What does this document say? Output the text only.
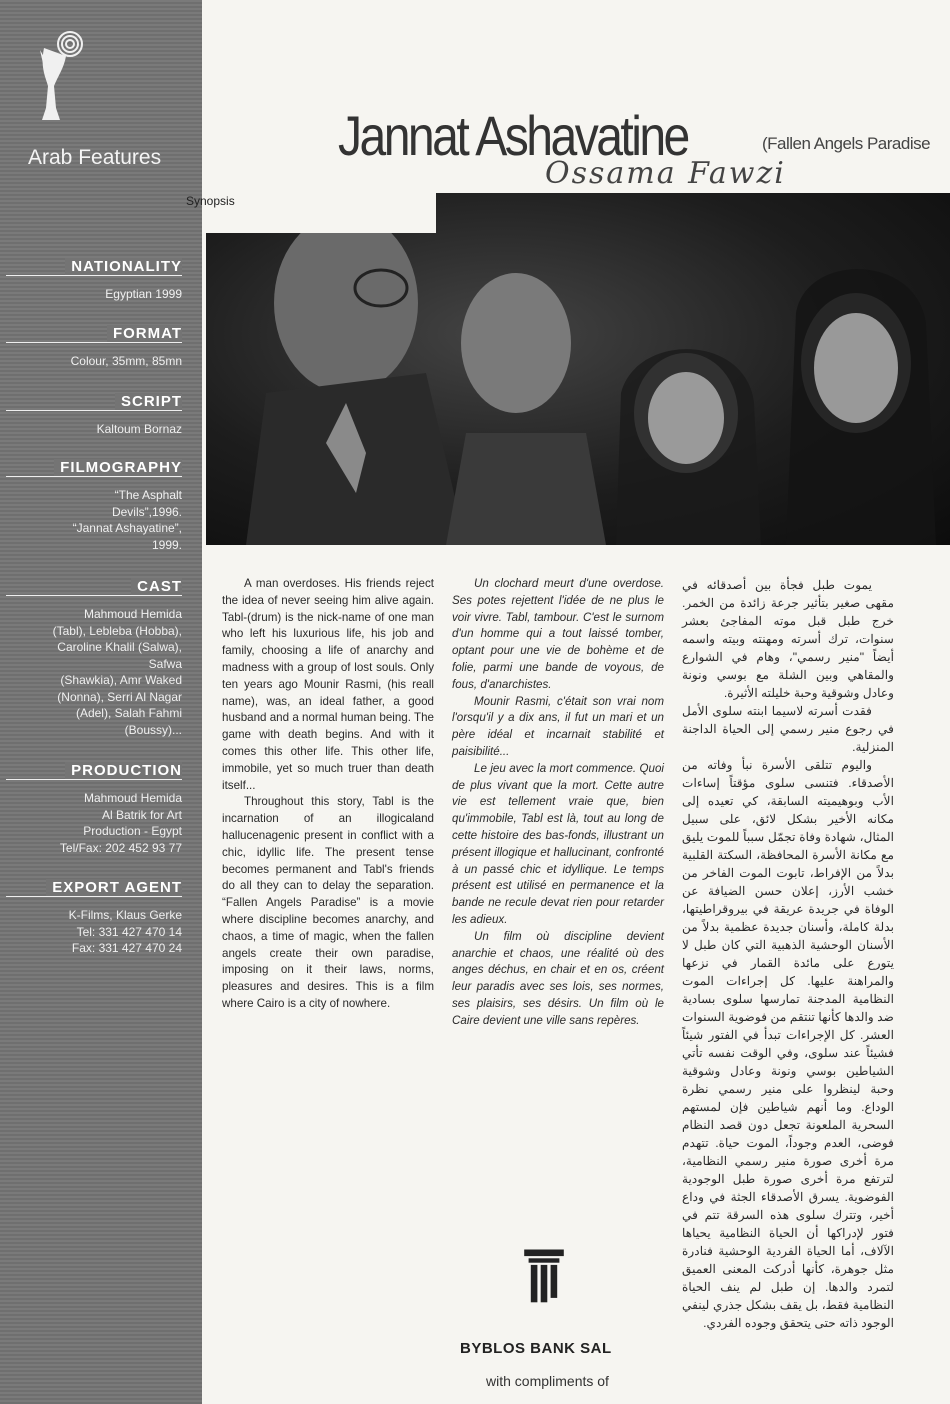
Arab Features
NATIONALITY
Egyptian 1999
FORMAT
Colour, 35mm, 85mn
SCRIPT
Kaltoum Bornaz
FILMOGRAPHY
“The Asphalt
Devils”,1996.
“Jannat Ashayatine”,
1999.
CAST
Mahmoud Hemida
(Tabl), Lebleba (Hobba),
Caroline Khalil (Salwa),
Safwa
(Shawkia), Amr Waked
(Nonna), Serri Al Nagar
(Adel), Salah Fahmi
(Boussy)...
PRODUCTION
Mahmoud Hemida
Al Batrik for Art
Production - Egypt
Tel/Fax: 202 452 93 77
EXPORT AGENT
K-Films, Klaus Gerke
Tel: 331 427 470 14
Fax: 331 427 470 24
Jannat Ashavatine	(Fallen Angels Paradise
Ossama Fawzi
Synopsis

A man overdoses. His friends reject the idea of never seeing him alive again. Tabl-(drum) is the nick-name of one man who left his luxurious life, his job and family, choosing a life of anarchy and madness with a group of lost souls. Only ten years ago Mounir Rasmi, (his reall name), was, an ideal father, a good husband and a normal human being. The game with death begins. And with it comes this other life. This other life, immobile, yet so much truer than death itself...

Throughout this story, Tabl is the incarnation of an illogicaland hallucenagenic present in conflict with a chic, idyllic life. The present tense becomes permanent and Tabl's friends do all they can to delay the separation. “Fallen Angels Paradise” is a movie where discipline becomes anarchy, and chaos, a time of magic, when the fallen angels create their own paradise, imposing on it their laws, norms, pleasures and desires. This is a film where Cairo is a city of nowhere.

Un clochard meurt d'une overdose. Ses potes rejettent l'idée de ne plus le voir vivre. Tabl, tambour. C'est le surnom d'un homme qui a tout laissé tomber, optant pour une vie de bohème et de folie, parmi une bande de voyous, de fous, d'anarchistes.

Mounir Rasmi, c'était son vrai nom l'orsqu'il y a dix ans, il fut un mari et un père idéal et incarnait stabilité et paisibilité...

Le jeu avec la mort commence. Quoi de plus vivant que la mort. Cette autre vie est tellement vraie que, bien qu'immobile, Tabl est là, tout au long de cette histoire des bas-fonds, illustrant un présent illogique et hallucinant, confronté à un passé chic et idyllique. Le temps présent est utilisé en permanence et la bande ne recule devat rien pour retarder les adieux.

Un film où discipline devient anarchie et chaos, une réalité où des anges déchus, en chair et en os, créent leur paradis avec ses lois, ses normes, ses plaisirs, ses désirs. Un film où le Caire devient une ville sans repères.

يموت طبل فجأة بين أصدقائه في مقهى صغير بتأثير جرعة زائدة من الخمر. خرج طبل قبل موته المفاجئ بعشر سنوات، ترك أسرته ومهنته وبيته واسمه أيضاً "منير رسمي"، وهام في الشوارع والمقاهي وبين الشلة مع بوسي ونونة وعادل وشوقية وحبة خليلته الأثيرة.

فقدت أسرته لاسيما ابنته سلوى الأمل في رجوع منير رسمي إلى الحياة الداجنة المنزلية.

واليوم تتلقى الأسرة نبأ وفاته من الأصدقاء. فتنسى سلوى مؤقتاً إساءات الأب وبوهيميته السابقة، كي تعيده إلى مكانه الأخير بشكل لائق، على سبيل المثال، شهادة وفاة تجمّل سبباً للموت يليق مع مكانة الأسرة المحافظة، السكتة القلبية بدلاً من الإفراط، تابوت الموت الفاخر من خشب الأرز، إعلان حسن الضيافة عن الوفاة في جريدة عريقة في بيروقراطيتها، بدلة كاملة، وأسنان جديدة عظمية بدلاً من الأسنان الوحشية الذهبية التي كان طبل لا يتورع على مائدة القمار في نزعها والمراهنة عليها. كل إجراءات الموت النظامية المدجنة تمارسها سلوى بسادية ضد والدها كأنها تنتقم من فوضوية السنوات العشر. كل الإجراءات تبدأ في الفتور شيئاً فشيئاً عند سلوى، وفي الوقت نفسه تأتي الشياطين بوسي ونونة وعادل وشوقية وحبة لينظروا على منير رسمي نظرة الوداع. وما أنهم شياطين فإن لمستهم السحرية الملعونة تجعل دون قصد النظام فوضى، العدم وجوداً، الموت حياة. تتهدم مرة أخرى صورة منير رسمي النظامية، لترتفع مرة أخرى صورة طبل الوجودية الفوضوية. يسرق الأصدقاء الجثة في وداع أخير، وتترك سلوى هذه السرقة تتم في فتور لإدراكها أن الحياة النظامية يحياها الآلاف، أما الحياة الفردية الوحشية فنادرة مثل جوهرة، كأنها أدركت المعنى العميق لتمرد والدها. إن طبل لم ينف الحياة النظامية فقط، بل يقف بشكل جذري لينفي الوجود ذاته حتى يتحقق وجوده الفردي.

BYBLOS BANK SAL
with compliments of
